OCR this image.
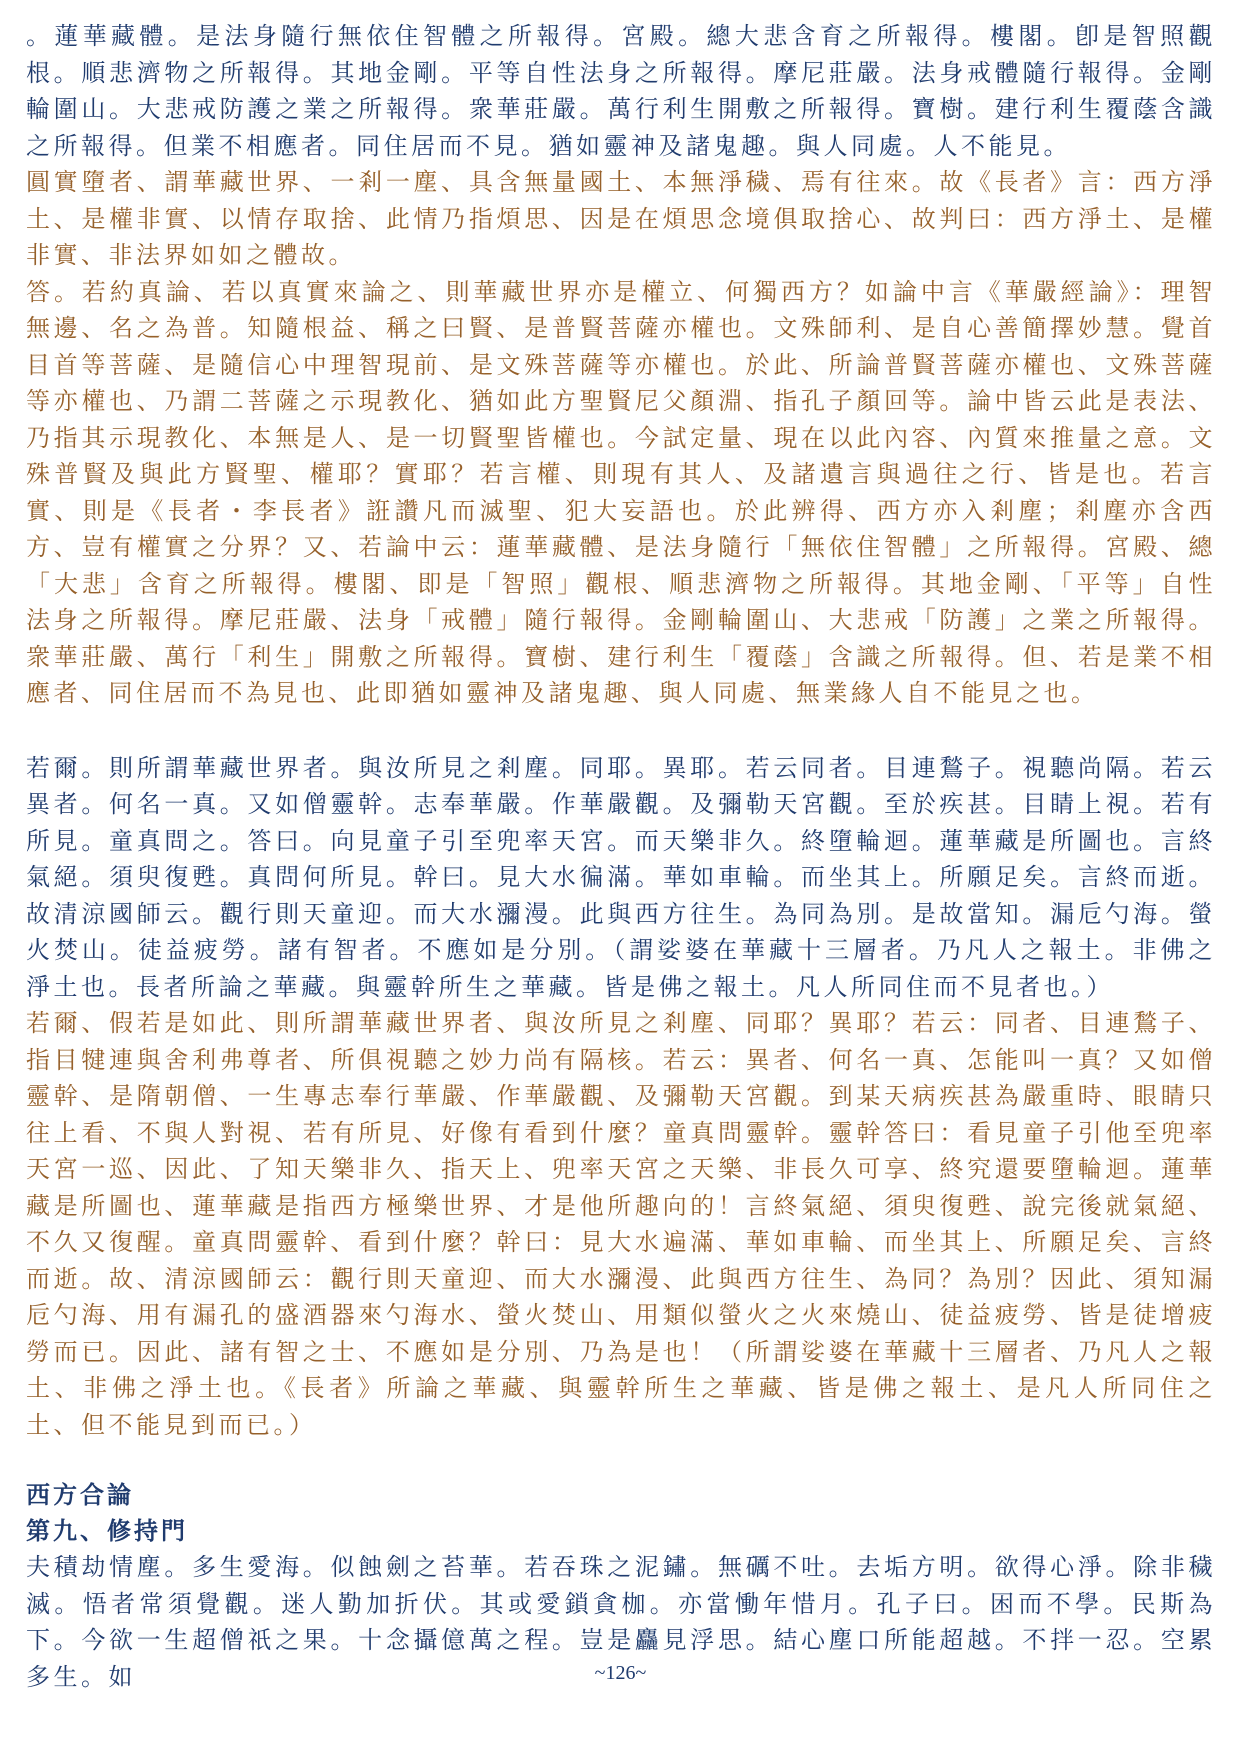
。蓮華藏體。是法身隨行無依住智體之所報得。宮殿。總大悲含育之所報得。樓閣。卽是智照觀根。順悲濟物之所報得。其地金剛。平等自性法身之所報得。摩尼莊嚴。法身戒體隨行報得。金剛輪圍山。大悲戒防護之業之所報得。衆華莊嚴。萬行利生開敷之所報得。寶樹。建行利生覆蔭含識之所報得。但業不相應者。同住居而不見。猶如靈神及諸鬼趣。與人同處。人不能見。

圓實墮者、謂華藏世界、一剎一塵、具含無量國土、本無淨穢、焉有往來。故《長者》言：西方淨土、是權非實、以情存取捨、此情乃指煩思、因是在煩思念境俱取捨心、故判曰：西方淨土、是權非實、非法界如如之體故。

答。若約真論、若以真實來論之、則華藏世界亦是權立、何獨西方？如論中言《華嚴經論》：理智無邊、名之為普。知隨根益、稱之曰賢、是普賢菩薩亦權也。文殊師利、是自心善簡擇妙慧。覺首目首等菩薩、是隨信心中理智現前、是文殊菩薩等亦權也。於此、所論普賢菩薩亦權也、文殊菩薩等亦權也、乃謂二菩薩之示現教化、猶如此方聖賢尼父顏淵、指孔子顏回等。論中皆云此是表法、乃指其示現教化、本無是人、是一切賢聖皆權也。今試定量、現在以此內容、內質來推量之意。文殊普賢及與此方賢聖、權耶？實耶？若言權、則現有其人、及諸遺言與過往之行、皆是也。若言實、則是《長者・李長者》誑讚凡而滅聖、犯大妄語也。於此辨得、西方亦入剎塵；剎塵亦含西方、豈有權實之分界？又、若論中云：蓮華藏體、是法身隨行「無依住智體」之所報得。宮殿、總「大悲」含育之所報得。樓閣、即是「智照」觀根、順悲濟物之所報得。其地金剛、「平等」自性法身之所報得。摩尼莊嚴、法身「戒體」隨行報得。金剛輪圍山、大悲戒「防護」之業之所報得。衆華莊嚴、萬行「利生」開敷之所報得。寶樹、建行利生「覆蔭」含識之所報得。但、若是業不相應者、同住居而不為見也、此即猶如靈神及諸鬼趣、與人同處、無業緣人自不能見之也。

若爾。則所謂華藏世界者。與汝所見之剎塵。同耶。異耶。若云同者。目連鶖子。視聽尚隔。若云異者。何名一真。又如僧靈幹。志奉華嚴。作華嚴觀。及彌勒天宮觀。至於疾甚。目睛上視。若有所見。童真問之。答曰。向見童子引至兜率天宮。而天樂非久。終墮輪迴。蓮華藏是所圖也。言終氣絕。須臾復甦。真問何所見。幹曰。見大水徧滿。華如車輪。而坐其上。所願足矣。言終而逝。故清涼國師云。觀行則天童迎。而大水瀰漫。此與西方往生。為同為別。是故當知。漏卮勺海。螢火焚山。徒益疲勞。諸有智者。不應如是分別。（謂娑婆在華藏十三層者。乃凡人之報土。非佛之淨土也。長者所論之華藏。與靈幹所生之華藏。皆是佛之報土。凡人所同住而不見者也。）

若爾、假若是如此、則所謂華藏世界者、與汝所見之剎塵、同耶？異耶？若云：同者、目連鶖子、指目犍連與舍利弗尊者、所俱視聽之妙力尚有隔核。若云：異者、何名一真、怎能叫一真？又如僧靈幹、是隋朝僧、一生專志奉行華嚴、作華嚴觀、及彌勒天宮觀。到某天病疾甚為嚴重時、眼睛只往上看、不與人對視、若有所見、好像有看到什麼？童真問靈幹。靈幹答曰：看見童子引他至兜率天宮一巡、因此、了知天樂非久、指天上、兜率天宮之天樂、非長久可享、終究還要墮輪迴。蓮華藏是所圖也、蓮華藏是指西方極樂世界、才是他所趣向的！言終氣絕、須臾復甦、說完後就氣絕、不久又復醒。童真問靈幹、看到什麼？幹曰：見大水遍滿、華如車輪、而坐其上、所願足矣、言終而逝。故、清涼國師云：觀行則天童迎、而大水瀰漫、此與西方往生、為同？為別？因此、須知漏卮勺海、用有漏孔的盛酒器來勺海水、螢火焚山、用類似螢火之火來燒山、徒益疲勞、皆是徒增疲勞而已。因此、諸有智之士、不應如是分別、乃為是也！（所謂娑婆在華藏十三層者、乃凡人之報土、非佛之淨土也。《長者》所論之華藏、與靈幹所生之華藏、皆是佛之報土、是凡人所同住之土、但不能見到而已。）

西方合論
第九、修持門

夫積劫情塵。多生愛海。似蝕劍之苔華。若吞珠之泥鏽。無礪不吐。去垢方明。欲得心淨。除非穢滅。悟者常須覺觀。迷人勤加折伏。其或愛鎖貪枷。亦當慟年惜月。孔子曰。困而不學。民斯為下。今欲一生超僧祇之果。十念攝億萬之程。豈是麤見浮思。結心塵口所能超越。不拌一忍。空累多生。如	~126~
